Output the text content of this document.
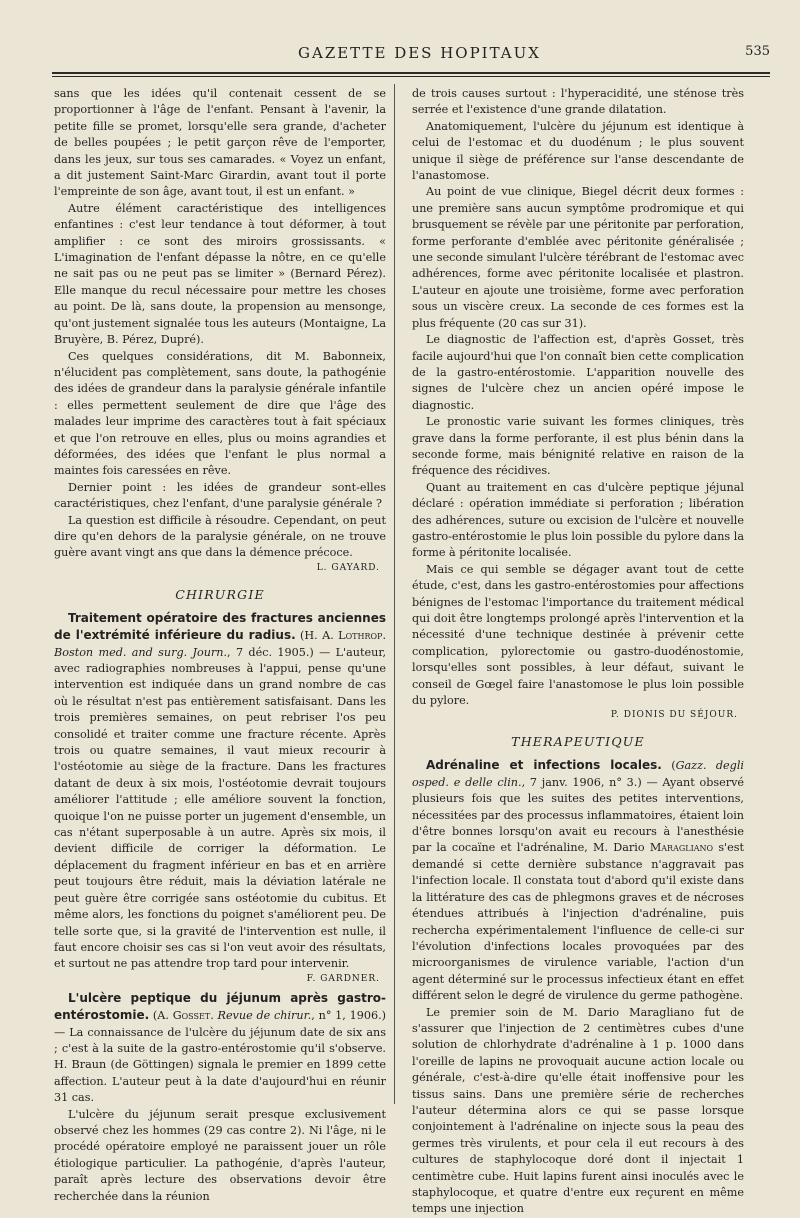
GAZETTE DES HOPITAUX	535

sans que les idées qu'il contenait cessent de se proportionner à l'âge de l'enfant. Pensant à l'avenir, la petite fille se promet, lorsqu'elle sera grande, d'acheter de belles poupées ; le petit garçon rêve de l'emporter, dans les jeux, sur tous ses camarades. « Voyez un enfant, a dit justement Saint-Marc Girardin, avant tout il porte l'empreinte de son âge, avant tout, il est un enfant. »

Autre élément caractéristique des intelligences enfantines : c'est leur tendance à tout déformer, à tout amplifier : ce sont des miroirs grossissants. « L'imagination de l'enfant dépasse la nôtre, en ce qu'elle ne sait pas ou ne peut pas se limiter » (Bernard Pérez). Elle manque du recul nécessaire pour mettre les choses au point. De là, sans doute, la propension au mensonge, qu'ont justement signalée tous les auteurs (Montaigne, La Bruyère, B. Pérez, Dupré).

Ces quelques considérations, dit M. Babonneix, n'élucident pas complètement, sans doute, la pathogénie des idées de grandeur dans la paralysie générale infantile : elles permettent seulement de dire que l'âge des malades leur imprime des caractères tout à fait spéciaux et que l'on retrouve en elles, plus ou moins agrandies et déformées, des idées que l'enfant le plus normal a maintes fois caressées en rêve.

Dernier point : les idées de grandeur sont-elles caractéristiques, chez l'enfant, d'une paralysie générale ?

La question est difficile à résoudre. Cependant, on peut dire qu'en dehors de la paralysie générale, on ne trouve guère avant vingt ans que dans la démence précoce.

L. GAYARD.
CHIRURGIE

Traitement opératoire des fractures anciennes de l'extrémité inférieure du radius. (H. A. Lothrop. Boston med. and surg. Journ., 7 déc. 1905.) — L'auteur, avec radiographies nombreuses à l'appui, pense qu'une intervention est indiquée dans un grand nombre de cas où le résultat n'est pas entièrement satisfaisant. Dans les trois premières semaines, on peut rebriser l'os peu consolidé et traiter comme une fracture récente. Après trois ou quatre semaines, il vaut mieux recourir à l'ostéotomie au siège de la fracture. Dans les fractures datant de deux à six mois, l'ostéotomie devrait toujours améliorer l'attitude ; elle améliore souvent la fonction, quoique l'on ne puisse porter un jugement d'ensemble, un cas n'étant superposable à un autre. Après six mois, il devient difficile de corriger la déformation. Le déplacement du fragment inférieur en bas et en arrière peut toujours être réduit, mais la déviation latérale ne peut guère être corrigée sans ostéotomie du cubitus. Et même alors, les fonctions du poignet s'améliorent peu. De telle sorte que, si la gravité de l'intervention est nulle, il faut encore choisir ses cas si l'on veut avoir des résultats, et surtout ne pas attendre trop tard pour intervenir.

F. GARDNER.

L'ulcère peptique du jéjunum après gastro-entérostomie. (A. Gosset. Revue de chirur., n° 1, 1906.) — La connaissance de l'ulcère du jéjunum date de six ans ; c'est à la suite de la gastro-entérostomie qu'il s'observe. H. Braun (de Göttingen) signala le premier en 1899 cette affection. L'auteur peut à la date d'aujourd'hui en réunir 31 cas.

L'ulcère du jéjunum serait presque exclusivement observé chez les hommes (29 cas contre 2). Ni l'âge, ni le procédé opératoire employé ne paraissent jouer un rôle étiologique particulier. La pathogénie, d'après l'auteur, paraît après lecture des observations devoir être recherchée dans la réunion

de trois causes surtout : l'hyperacidité, une sténose très serrée et l'existence d'une grande dilatation.

Anatomiquement, l'ulcère du jéjunum est identique à celui de l'estomac et du duodénum ; le plus souvent unique il siège de préférence sur l'anse descendante de l'anastomose.

Au point de vue clinique, Biegel décrit deux formes : une première sans aucun symptôme prodromique et qui brusquement se révèle par une péritonite par perforation, forme perforante d'emblée avec péritonite généralisée ; une seconde simulant l'ulcère térébrant de l'estomac avec adhérences, forme avec péritonite localisée et plastron. L'auteur en ajoute une troisième, forme avec perforation sous un viscère creux. La seconde de ces formes est la plus fréquente (20 cas sur 31).

Le diagnostic de l'affection est, d'après Gosset, très facile aujourd'hui que l'on connaît bien cette complication de la gastro-entérostomie. L'apparition nouvelle des signes de l'ulcère chez un ancien opéré impose le diagnostic.

Le pronostic varie suivant les formes cliniques, très grave dans la forme perforante, il est plus bénin dans la seconde forme, mais bénignité relative en raison de la fréquence des récidives.

Quant au traitement en cas d'ulcère peptique jéjunal déclaré : opération immédiate si perforation ; libération des adhérences, suture ou excision de l'ulcère et nouvelle gastro-entérostomie le plus loin possible du pylore dans la forme à péritonite localisée.

Mais ce qui semble se dégager avant tout de cette étude, c'est, dans les gastro-entérostomies pour affections bénignes de l'estomac l'importance du traitement médical qui doit être longtemps prolongé après l'intervention et la nécessité d'une technique destinée à prévenir cette complication, pylorectomie ou gastro-duodénostomie, lorsqu'elles sont possibles, à leur défaut, suivant le conseil de Gœgel faire l'anastomose le plus loin possible du pylore.

P. DIONIS DU SÉJOUR.
THERAPEUTIQUE

Adrénaline et infections locales. (Gazz. degli osped. e delle clin., 7 janv. 1906, n° 3.) — Ayant observé plusieurs fois que les suites des petites interventions, nécessitées par des processus inflammatoires, étaient loin d'être bonnes lorsqu'on avait eu recours à l'anesthésie par la cocaïne et l'adrénaline, M. Dario Maragliano s'est demandé si cette dernière substance n'aggravait pas l'infection locale. Il constata tout d'abord qu'il existe dans la littérature des cas de phlegmons graves et de nécroses étendues attribués à l'injection d'adrénaline, puis rechercha expérimentalement l'influence de celle-ci sur l'évolution d'infections locales provoquées par des microorganismes de virulence variable, l'action d'un agent déterminé sur le processus infectieux étant en effet différent selon le degré de virulence du germe pathogène.

Le premier soin de M. Dario Maragliano fut de s'assurer que l'injection de 2 centimètres cubes d'une solution de chlorhydrate d'adrénaline à 1 p. 1000 dans l'oreille de lapins ne provoquait aucune action locale ou générale, c'est-à-dire qu'elle était inoffensive pour les tissus sains. Dans une première série de recherches l'auteur détermina alors ce qui se passe lorsque conjointement à l'adrénaline on injecte sous la peau des germes très virulents, et pour cela il eut recours à des cultures de staphylocoque doré dont il injectait 1 centimètre cube. Huit lapins furent ainsi inoculés avec le staphylocoque, et quatre d'entre eux reçurent en même temps une injection
